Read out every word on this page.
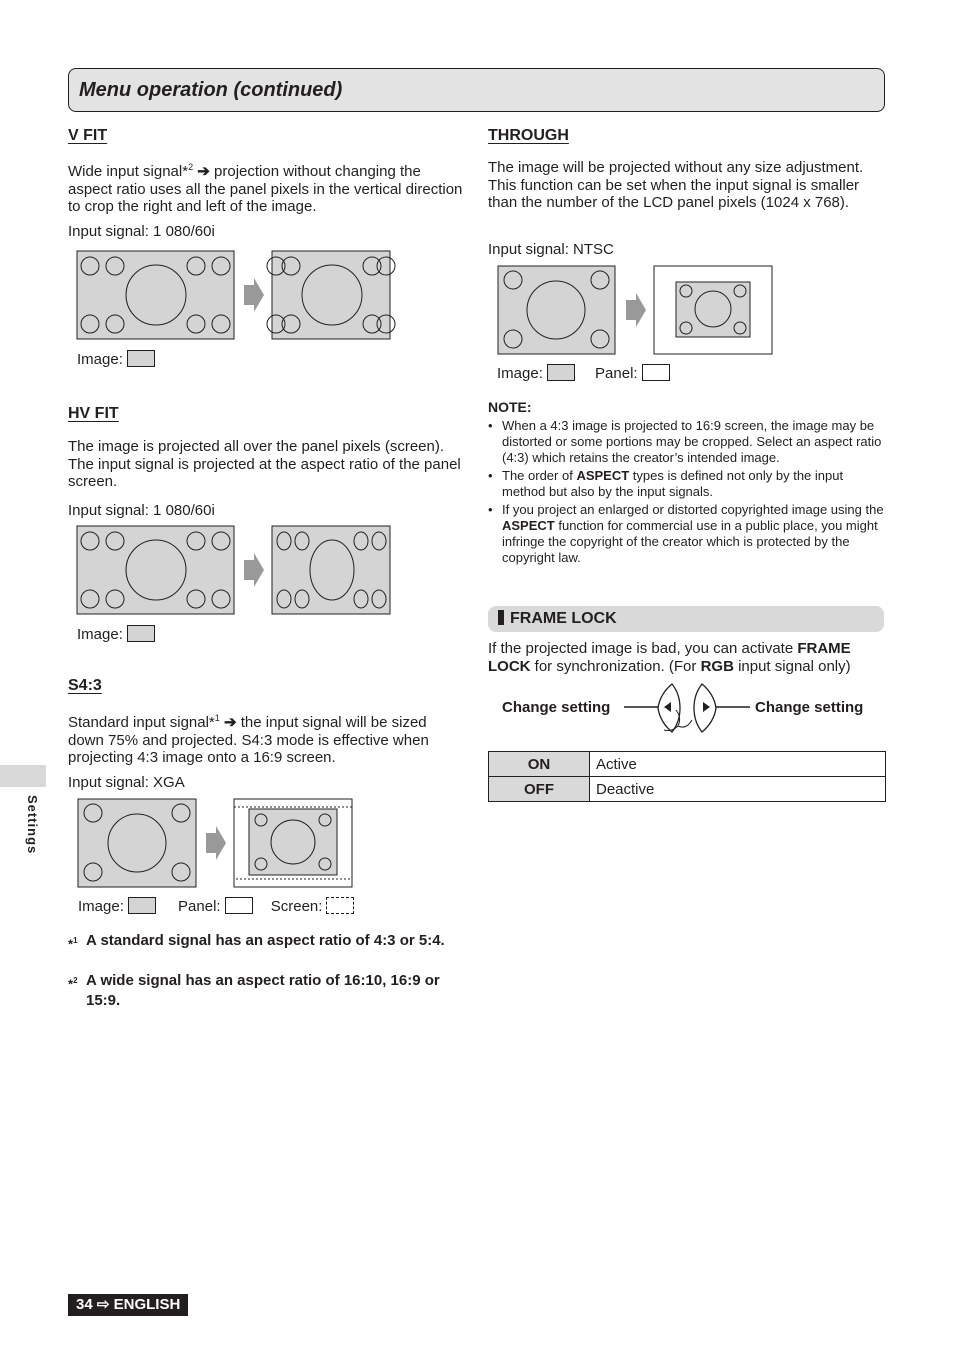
Menu operation (continued)
V FIT
Wide input signal*$^2$ ➔ projection without changing the aspect ratio uses all the panel pixels in the vertical direction to crop the right and left of the image.
Input signal: 1 080/60i
Image:
HV FIT
The image is projected all over the panel pixels (screen). The input signal is projected at the aspect ratio of the panel screen.
Input signal: 1 080/60i
Image:
S4:3
Standard input signal*$^1$ ➔ the input signal will be sized down 75% and projected. S4:3 mode is effective when projecting 4:3 image onto a 16:9 screen.
Input signal: XGA
Image:	Panel:	Screen:
*$^1$ A standard signal has an aspect ratio of 4:3 or 5:4.
*$^2$ A wide signal has an aspect ratio of 16:10, 16:9 or 15:9.
THROUGH
The image will be projected without any size adjustment.
This function can be set when the input signal is smaller than the number of the LCD panel pixels (1024 x 768).
Input signal: NTSC
Image:	Panel:
NOTE:
• When a 4:3 image is projected to 16:9 screen, the image may be distorted or some portions may be cropped. Select an aspect ratio (4:3) which retains the creator’s intended image.
• The order of ASPECT types is defined not only by the input method but also by the input signals.
• If you project an enlarged or distorted copyrighted image using the ASPECT function for commercial use in a public place, you might infringe the copyright of the creator which is protected by the copyright law.
FRAME LOCK
If the projected image is bad, you can activate FRAME LOCK for synchronization. (For RGB input signal only)
Change setting	Change setting
ON	Active
OFF	Deactive
Settings
34 ⇨ ENGLISH
